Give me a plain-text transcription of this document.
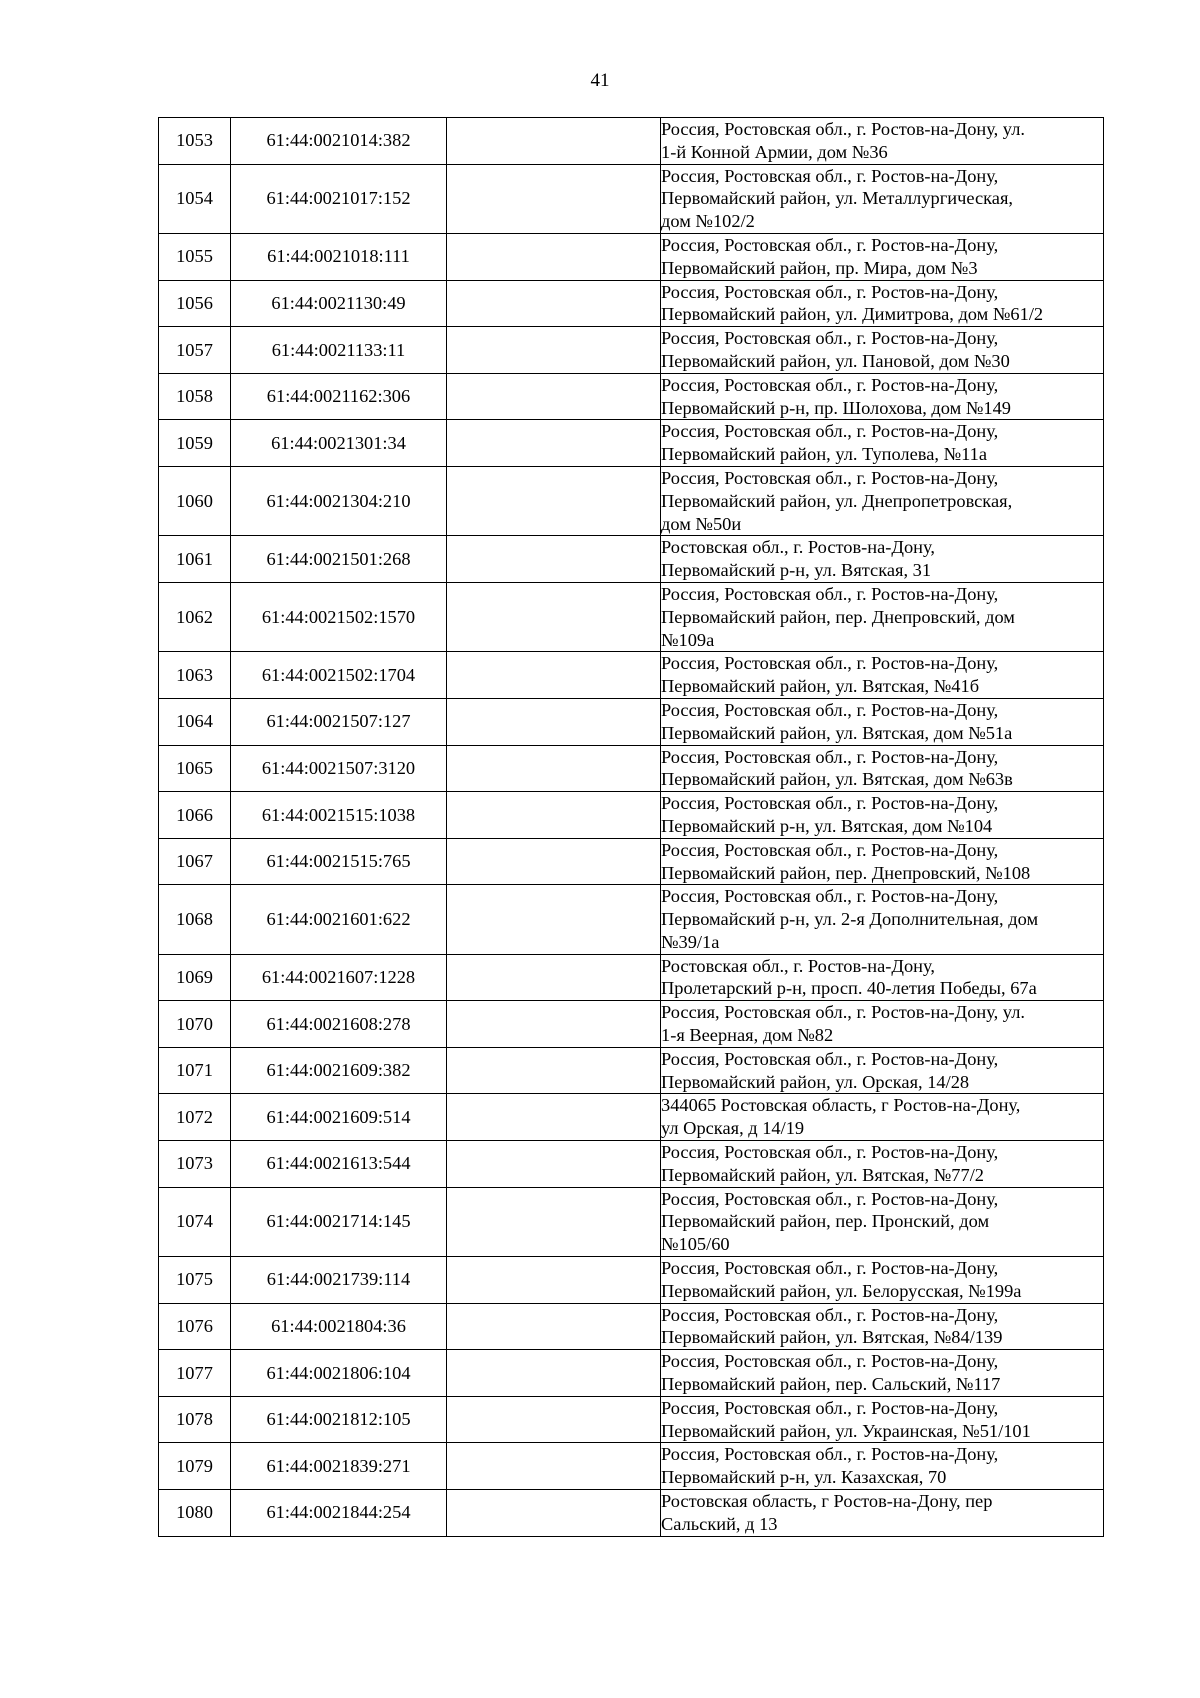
41
1053	61:44:0021014:382		Россия, Ростовская обл., г. Ростов-на-Дону, ул.
1-й Конной Армии, дом №36
1054	61:44:0021017:152		Россия, Ростовская обл., г. Ростов-на-Дону,
Первомайский район, ул. Металлургическая,
дом №102/2
1055	61:44:0021018:111		Россия, Ростовская обл., г. Ростов-на-Дону,
Первомайский район, пр. Мира, дом №3
1056	61:44:0021130:49		Россия, Ростовская обл., г. Ростов-на-Дону,
Первомайский район, ул. Димитрова, дом №61/2
1057	61:44:0021133:11		Россия, Ростовская обл., г. Ростов-на-Дону,
Первомайский район, ул. Пановой, дом №30
1058	61:44:0021162:306		Россия, Ростовская обл., г. Ростов-на-Дону,
Первомайский р-н, пр. Шолохова, дом №149
1059	61:44:0021301:34		Россия, Ростовская обл., г. Ростов-на-Дону,
Первомайский район, ул. Туполева, №11а
1060	61:44:0021304:210		Россия, Ростовская обл., г. Ростов-на-Дону,
Первомайский район, ул. Днепропетровская,
дом №50и
1061	61:44:0021501:268		Ростовская обл., г. Ростов-на-Дону,
Первомайский р-н, ул. Вятская, 31
1062	61:44:0021502:1570		Россия, Ростовская обл., г. Ростов-на-Дону,
Первомайский район, пер. Днепровский, дом
№109а
1063	61:44:0021502:1704		Россия, Ростовская обл., г. Ростов-на-Дону,
Первомайский район, ул. Вятская, №41б
1064	61:44:0021507:127		Россия, Ростовская обл., г. Ростов-на-Дону,
Первомайский район, ул. Вятская, дом №51а
1065	61:44:0021507:3120		Россия, Ростовская обл., г. Ростов-на-Дону,
Первомайский район, ул. Вятская, дом №63в
1066	61:44:0021515:1038		Россия, Ростовская обл., г. Ростов-на-Дону,
Первомайский р-н, ул. Вятская, дом №104
1067	61:44:0021515:765		Россия, Ростовская обл., г. Ростов-на-Дону,
Первомайский район, пер. Днепровский, №108
1068	61:44:0021601:622		Россия, Ростовская обл., г. Ростов-на-Дону,
Первомайский р-н, ул. 2-я Дополнительная, дом
№39/1а
1069	61:44:0021607:1228		Ростовская обл., г. Ростов-на-Дону,
Пролетарский р-н, просп. 40-летия Победы, 67а
1070	61:44:0021608:278		Россия, Ростовская обл., г. Ростов-на-Дону, ул.
1-я Веерная, дом №82
1071	61:44:0021609:382		Россия, Ростовская обл., г. Ростов-на-Дону,
Первомайский район, ул. Орская, 14/28
1072	61:44:0021609:514		344065 Ростовская область, г Ростов-на-Дону,
ул Орская, д 14/19
1073	61:44:0021613:544		Россия, Ростовская обл., г. Ростов-на-Дону,
Первомайский район, ул. Вятская, №77/2
1074	61:44:0021714:145		Россия, Ростовская обл., г. Ростов-на-Дону,
Первомайский район, пер. Пронский, дом
№105/60
1075	61:44:0021739:114		Россия, Ростовская обл., г. Ростов-на-Дону,
Первомайский район, ул. Белорусская, №199а
1076	61:44:0021804:36		Россия, Ростовская обл., г. Ростов-на-Дону,
Первомайский район, ул. Вятская, №84/139
1077	61:44:0021806:104		Россия, Ростовская обл., г. Ростов-на-Дону,
Первомайский район, пер. Сальский, №117
1078	61:44:0021812:105		Россия, Ростовская обл., г. Ростов-на-Дону,
Первомайский район, ул. Украинская, №51/101
1079	61:44:0021839:271		Россия, Ростовская обл., г. Ростов-на-Дону,
Первомайский р-н, ул. Казахская, 70
1080	61:44:0021844:254		Ростовская область, г Ростов-на-Дону, пер
Сальский, д 13
